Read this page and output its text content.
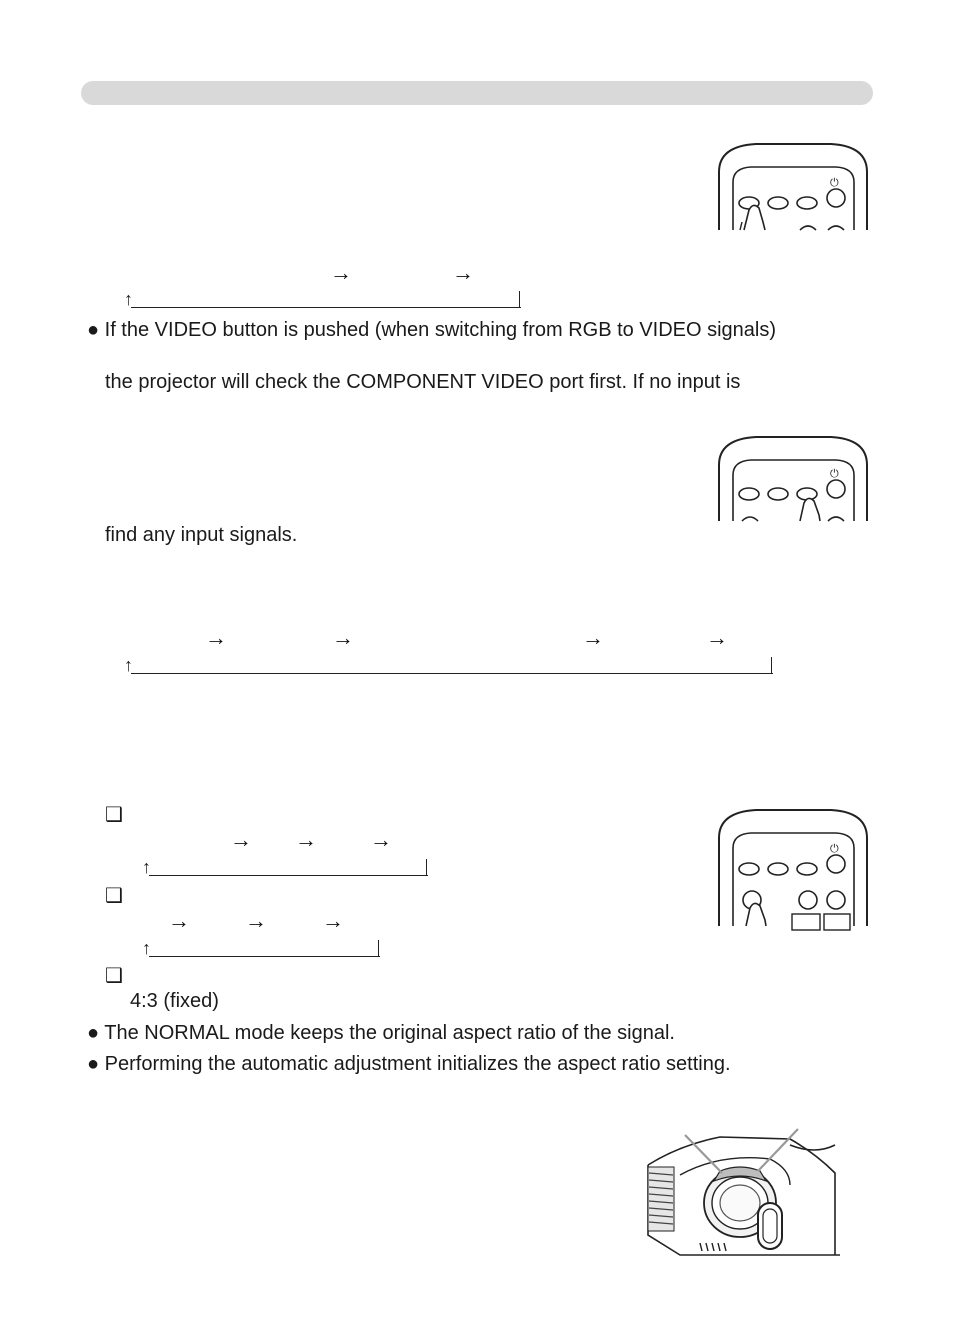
⏻
→	→
↑
● If the VIDEO button is pushed (when switching from RGB to VIDEO signals)
the projector will check the COMPONENT VIDEO port first. If no input is
⏻
find any input signals.
→	→	→	→
↑
❑
→ → →
↑
❑
→	→	→
↑
❑
4:3 (fixed)
⏻
● The NORMAL mode keeps the original aspect ratio of the signal.
● Performing the automatic adjustment initializes the aspect ratio setting.
